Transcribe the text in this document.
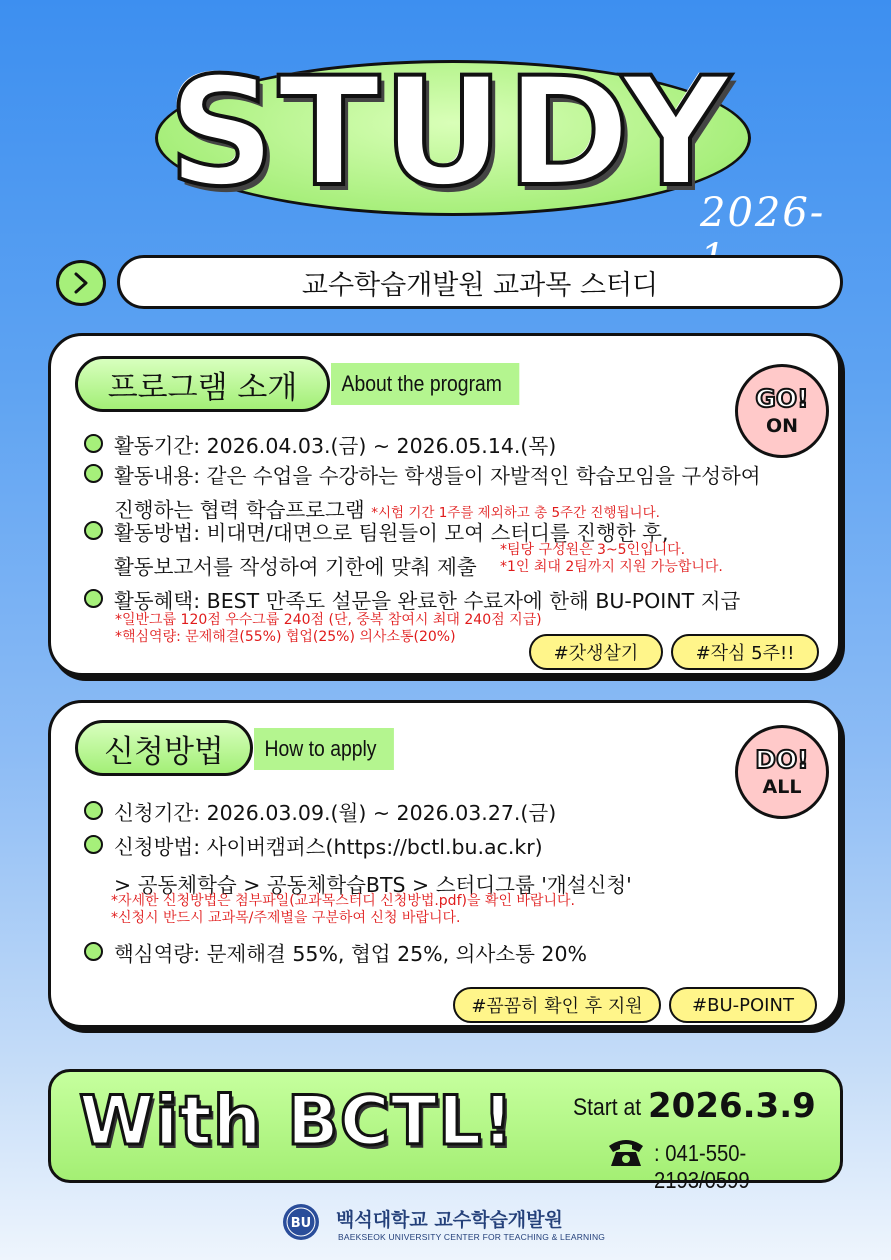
STUDY
2026-
교수학습개발원 교과목 스터디
프로그램 소개	About the program
GO!
ON
활동기간: 2026.04.03.(금) ~ 2026.05.14.(목)
활동내용: 같은 수업을 수강하는 학생들이 자발적인 학습모임을 구성하여
진행하는 협력 학습프로그램 *시험 기간 1주를 제외하고 총 5주간 진행됩니다.
활동방법: 비대면/대면으로 팀원들이 모여 스터디를 진행한 후,
활동보고서를 작성하여 기한에 맞춰 제출
*팀당 구성원은 3~5인입니다.
*1인 최대 2팀까지 지원 가능합니다.
활동혜택: BEST 만족도 설문을 완료한 수료자에 한해 BU-POINT 지급
*일반그룹 120점 우수그룹 240점 (단, 중복 참여시 최대 240점 지급)
*핵심역량: 문제해결(55%) 협업(25%) 의사소통(20%)
#갓생살기	#작심 5주!!
신청방법	How to apply	DO!
ALL
신청기간: 2026.03.09.(월) ~ 2026.03.27.(금)
신청방법: 사이버캠퍼스(https://bctl.bu.ac.kr)
> 공동체학습 > 공동체학습BTS > 스터디그룹 '개설신청'
*자세한 신청방법은 첨부파일(교과목스터디 신청방법.pdf)을 확인 바랍니다.
*신청시 반드시 교과목/주제별을 구분하여 신청 바랍니다.
핵심역량: 문제해결 55%, 협업 25%, 의사소통 20%
#꼼꼼히 확인 후 지원	#BU-POINT
With BCTL! Start at 2026.3.9
: 041-550-2193/0599
BU 백석대학교 교수학습개발원
BAEKSEOK UNIVERSITY CENTER FOR TEACHING & LEARNING
